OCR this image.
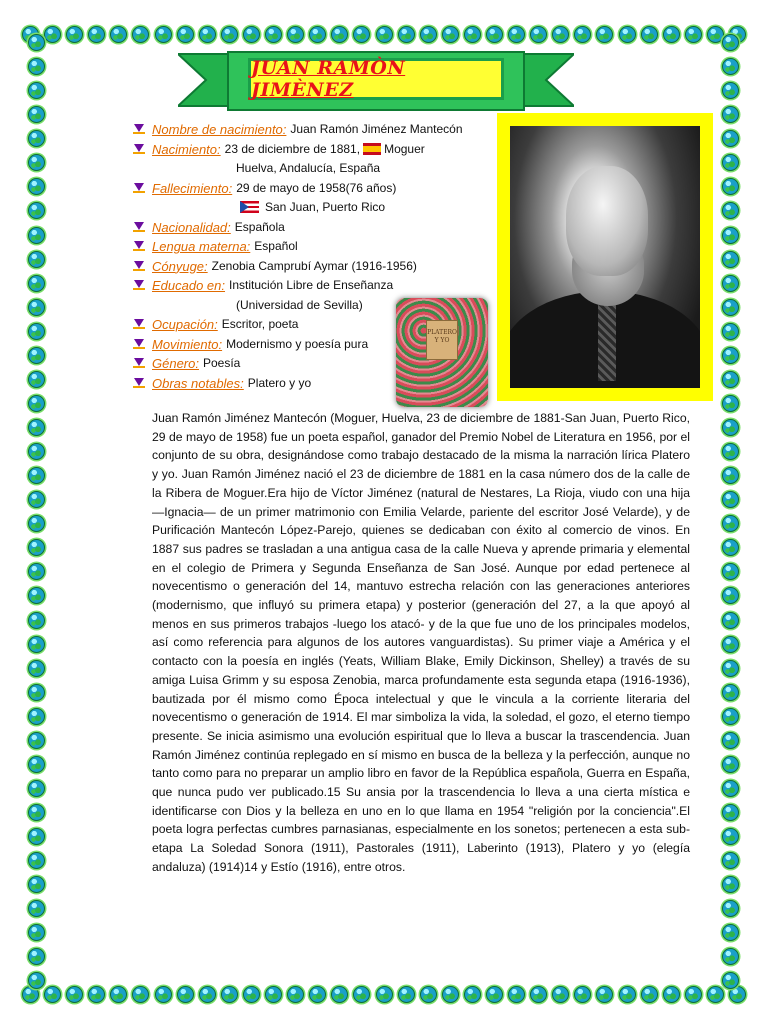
JUAN RAMÒN JIMÈNEZ
Nombre de nacimiento: Juan Ramón Jiménez Mantecón
Nacimiento: 23 de diciembre de 1881, Moguer
Huelva, Andalucía, España
Fallecimiento: 29 de mayo de 1958(76 años)
San Juan, Puerto Rico
Nacionalidad: Española
Lengua materna: Español
Cónyuge: Zenobia Camprubí Aymar (1916-1956)
Educado en: Institución Libre de Enseñanza
(Universidad de Sevilla)
Ocupación: Escritor, poeta
Movimiento: Modernismo y poesía pura
Género: Poesía
Obras notables: Platero y yo
PLATERO Y YO

Juan Ramón Jiménez Mantecón (Moguer, Huelva, 23 de diciembre de 1881-San Juan, Puerto Rico, 29 de mayo de 1958) fue un poeta español, ganador del Premio Nobel de Literatura en 1956, por el conjunto de su obra, designándose como trabajo destacado de la misma la narración lírica Platero y yo. Juan Ramón Jiménez nació el 23 de diciembre de 1881 en la casa número dos de la calle de la Ribera de Moguer.Era hijo de Víctor Jiménez (natural de Nestares, La Rioja, viudo con una hija —Ignacia— de un primer matrimonio con Emilia Velarde, pariente del escritor José Velarde), y de Purificación Mantecón López-Parejo, quienes se dedicaban con éxito al comercio de vinos. En 1887 sus padres se trasladan a una antigua casa de la calle Nueva y aprende primaria y elemental en el colegio de Primera y Segunda Enseñanza de San José. Aunque por edad pertenece al novecentismo o generación del 14, mantuvo estrecha relación con las generaciones anteriores (modernismo, que influyó su primera etapa) y posterior (generación del 27, a la que apoyó al menos en sus primeros trabajos -luego los atacó- y de la que fue uno de los principales modelos, así como referencia para algunos de los autores vanguardistas). Su primer viaje a América y el contacto con la poesía en inglés (Yeats, William Blake, Emily Dickinson, Shelley) a través de su amiga Luisa Grimm y su esposa Zenobia, marca profundamente esta segunda etapa (1916-1936), bautizada por él mismo como Época intelectual y que le vincula a la corriente literaria del novecentismo o generación de 1914. El mar simboliza la vida, la soledad, el gozo, el eterno tiempo presente. Se inicia asimismo una evolución espiritual que lo lleva a buscar la trascendencia. Juan Ramón Jiménez continúa replegado en sí mismo en busca de la belleza y la perfección, aunque no tanto como para no preparar un amplio libro en favor de la República española, Guerra en España, que nunca pudo ver publicado.15 Su ansia por la trascendencia lo lleva a una cierta mística e identificarse con Dios y la belleza en uno en lo que llama en 1954 "religión por la conciencia".El poeta logra perfectas cumbres parnasianas, especialmente en los sonetos; pertenecen a esta sub-etapa La Soledad Sonora (1911), Pastorales (1911), Laberinto (1913), Platero y yo (elegía andaluza) (1914)14 y Estío (1916), entre otros.
